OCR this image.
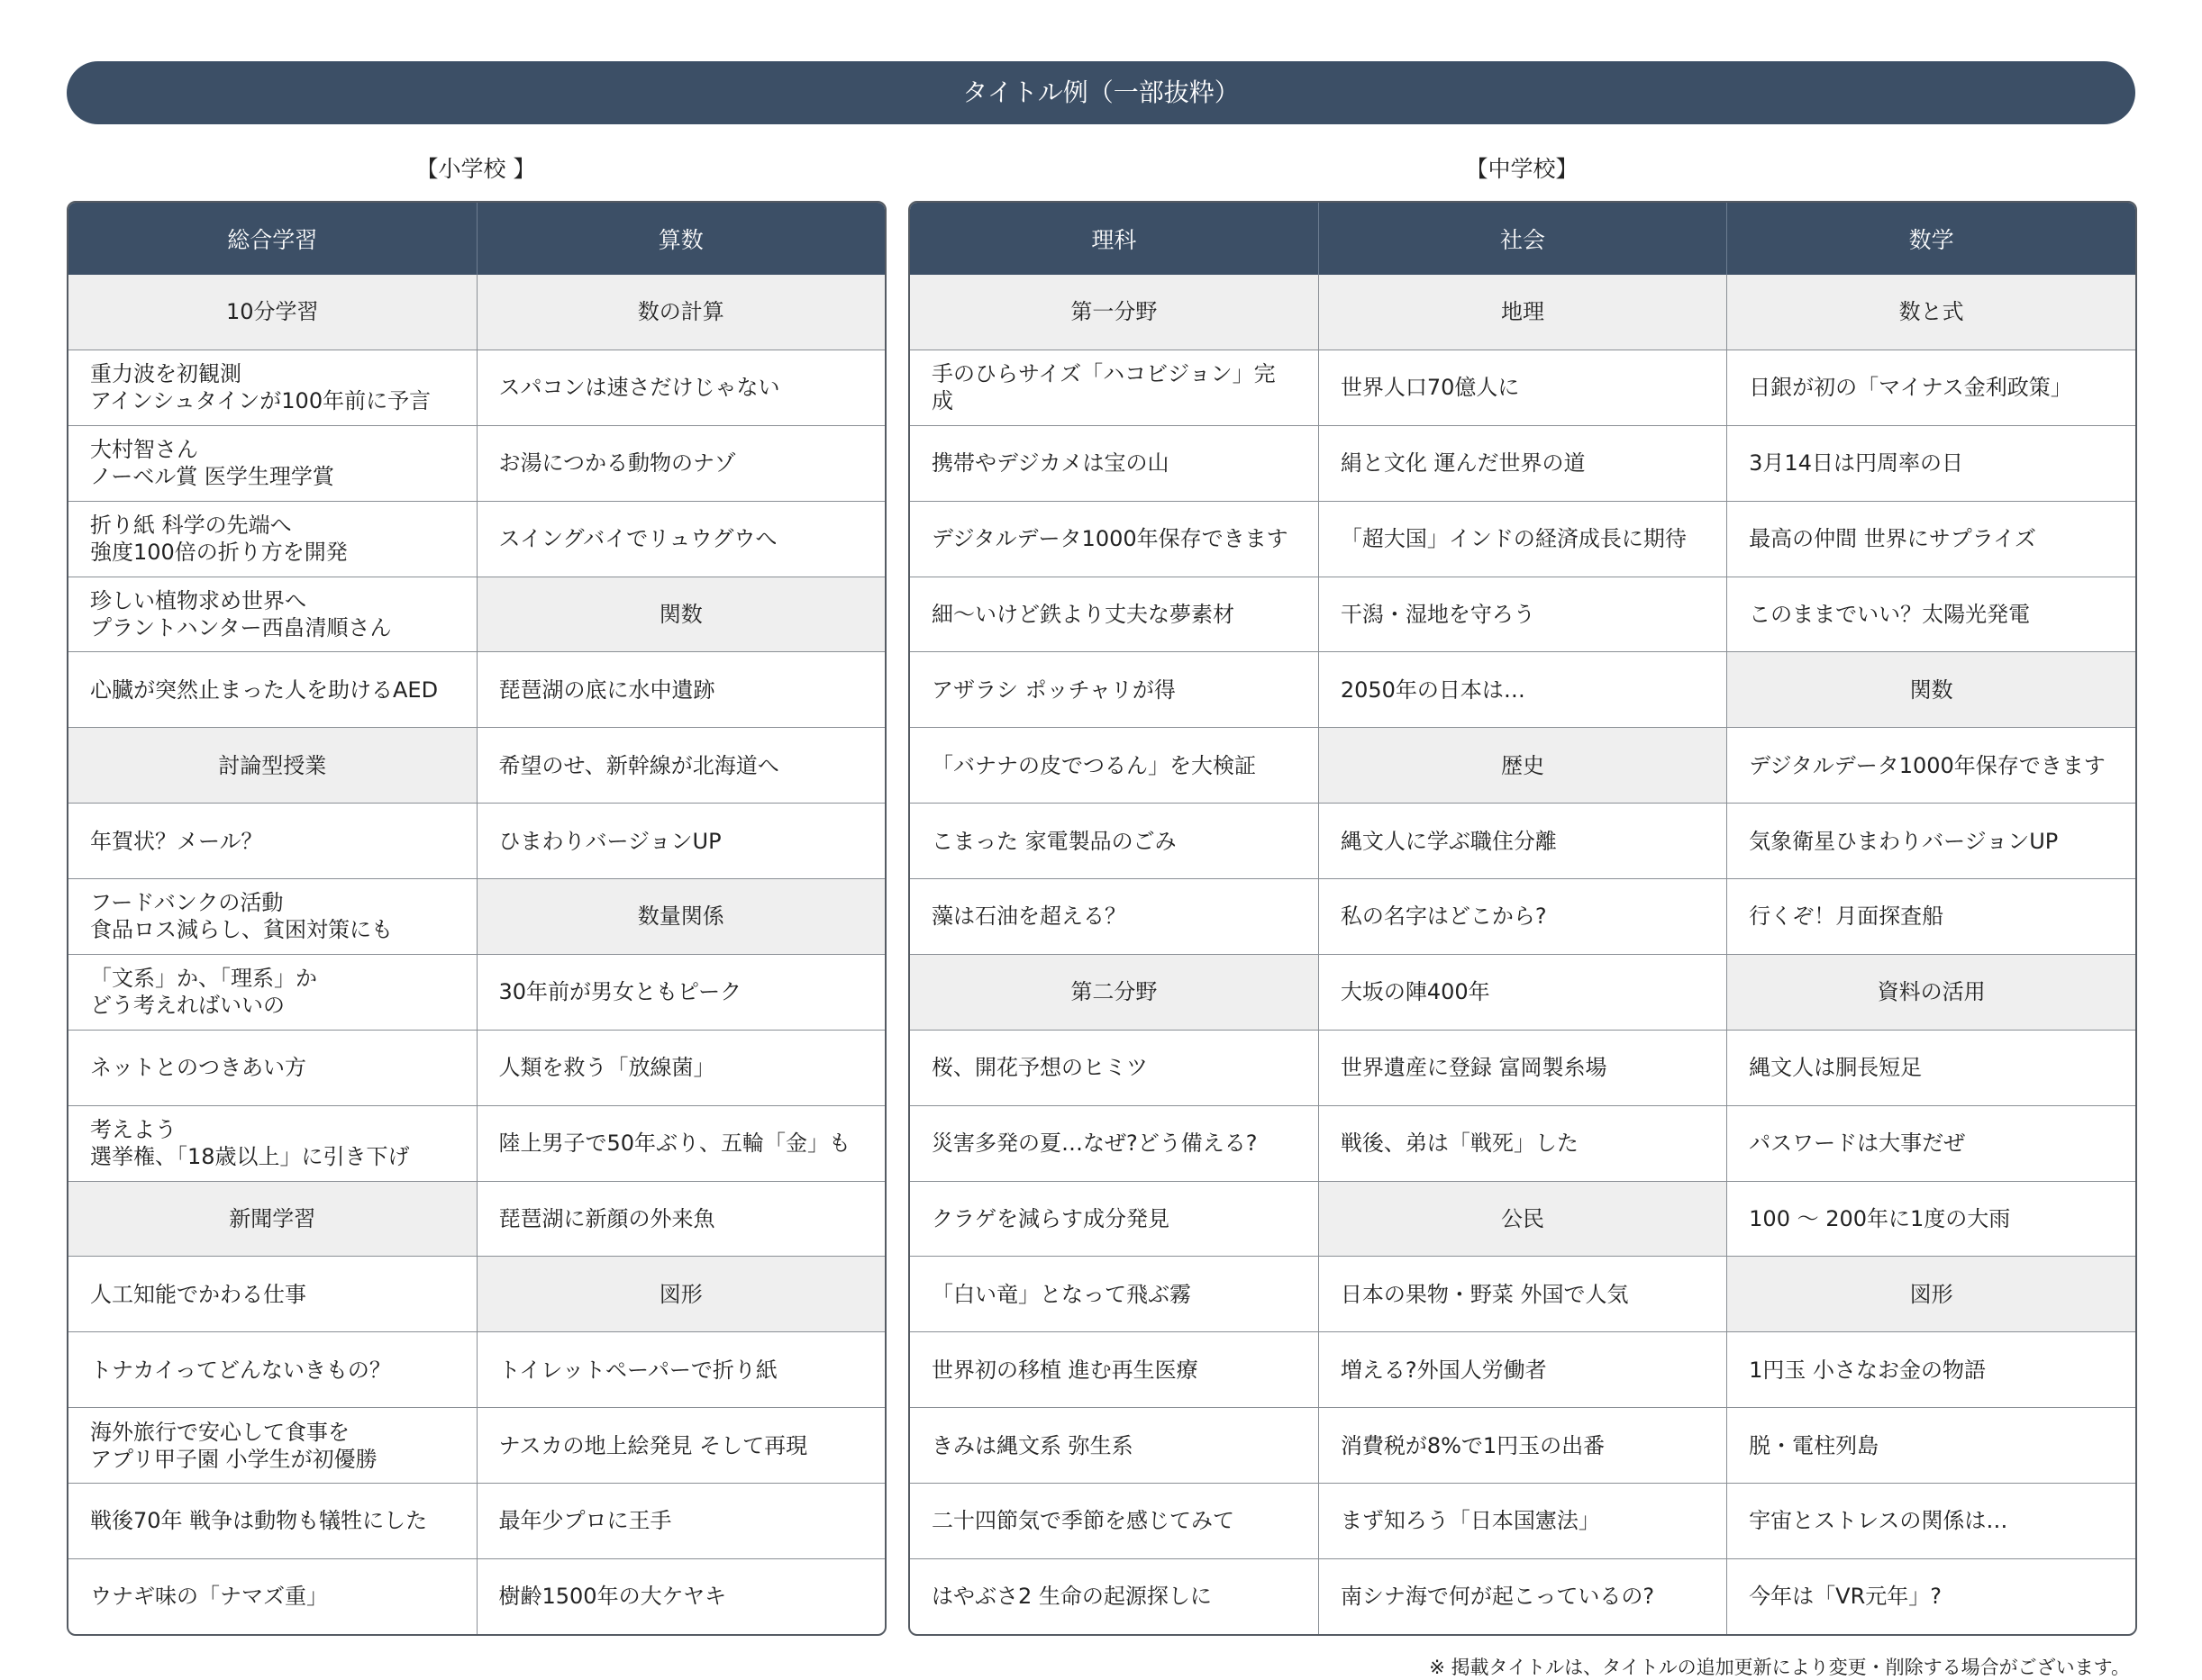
タイトル例（一部抜粋）
【小学校 】	【中学校】
総合学習	算数
10分学習	数の計算
重力波を初観測
アインシュタインが100年前に予言	スパコンは速さだけじゃない
大村智さん
ノーベル賞 医学生理学賞	お湯につかる動物のナゾ
折り紙 科学の先端へ
強度100倍の折り方を開発	スイングバイでリュウグウへ
珍しい植物求め世界へ
プラントハンター西畠清順さん	関数
心臓が突然止まった人を助けるAED	琵琶湖の底に水中遺跡
討論型授業	希望のせ、新幹線が北海道へ
年賀状？メール？	ひまわりバージョンUP
フードバンクの活動
食品ロス減らし、貧困対策にも	数量関係
「文系」か、「理系」か
どう考えればいいの	30年前が男女ともピーク
ネットとのつきあい方	人類を救う「放線菌」
考えよう
選挙権、「18歳以上」に引き下げ	陸上男子で50年ぶり、五輪「金」も
新聞学習	琵琶湖に新顔の外来魚
人工知能でかわる仕事	図形
トナカイってどんないきもの？	トイレットペーパーで折り紙
海外旅行で安心して食事を
アプリ甲子園 小学生が初優勝	ナスカの地上絵発見 そして再現
戦後70年 戦争は動物も犠牲にした	最年少プロに王手
ウナギ味の「ナマズ重」	樹齢1500年の大ケヤキ
理科	社会	数学
第一分野	地理	数と式
手のひらサイズ「ハコビジョン」完成	世界人口70億人に	日銀が初の「マイナス金利政策」
携帯やデジカメは宝の山	絹と文化 運んだ世界の道	3月14日は円周率の日
デジタルデータ1000年保存できます	「超大国」インドの経済成長に期待	最高の仲間 世界にサプライズ
細〜いけど鉄より丈夫な夢素材	干潟・湿地を守ろう	このままでいい？太陽光発電
アザラシ ポッチャリが得	2050年の日本は…	関数
「バナナの皮でつるん」を大検証	歴史	デジタルデータ1000年保存できます
こまった 家電製品のごみ	縄文人に学ぶ職住分離	気象衛星ひまわりバージョンUP
藻は石油を超える？	私の名字はどこから?	行くぞ！月面探査船
第二分野	大坂の陣400年	資料の活用
桜、開花予想のヒミツ	世界遺産に登録 富岡製糸場	縄文人は胴長短足
災害多発の夏…なぜ?どう備える?	戦後、弟は「戦死」した	パスワードは大事だぜ
クラゲを減らす成分発見	公民	100 〜 200年に1度の大雨
「白い竜」となって飛ぶ霧	日本の果物・野菜 外国で人気	図形
世界初の移植 進む再生医療	増える?外国人労働者	1円玉 小さなお金の物語
きみは縄文系 弥生系	消費税が8%で1円玉の出番	脱・電柱列島
二十四節気で季節を感じてみて	まず知ろう「日本国憲法」	宇宙とストレスの関係は…
はやぶさ2 生命の起源探しに	南シナ海で何が起こっているの?	今年は「VR元年」?
※ 掲載タイトルは、タイトルの追加更新により変更・削除する場合がございます。
